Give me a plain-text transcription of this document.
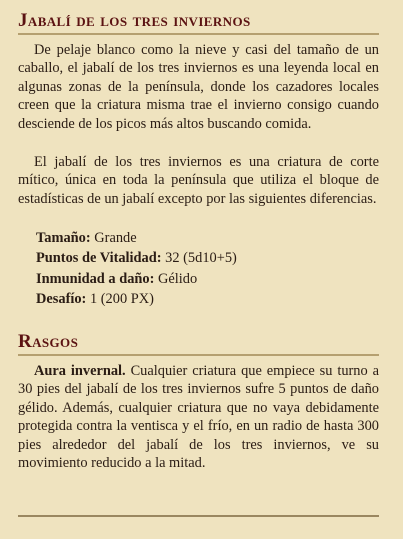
Jabalí de los tres inviernos

De pelaje blanco como la nieve y casi del tamaño de un caballo, el jabalí de los tres inviernos es una leyenda local en algunas zonas de la península, donde los cazadores locales creen que la criatura misma trae el invierno consigo cuando desciende de los picos más altos buscando comida.

El jabalí de los tres inviernos es una criatura de corte mítico, única en toda la península que utiliza el bloque de estadísticas de un jabalí excepto por las siguientes diferencias.

Tamaño: Grande
Puntos de Vitalidad: 32 (5d10+5)
Inmunidad a daño: Gélido
Desafío: 1 (200 PX)
Rasgos

Aura invernal. Cualquier criatura que empiece su turno a 30 pies del jabalí de los tres inviernos sufre 5 puntos de daño gélido. Además, cualquier criatura que no vaya debidamente protegida contra la ventisca y el frío, en un radio de hasta 300 pies alrededor del jabalí de los tres inviernos, ve su movimiento reducido a la mitad.
